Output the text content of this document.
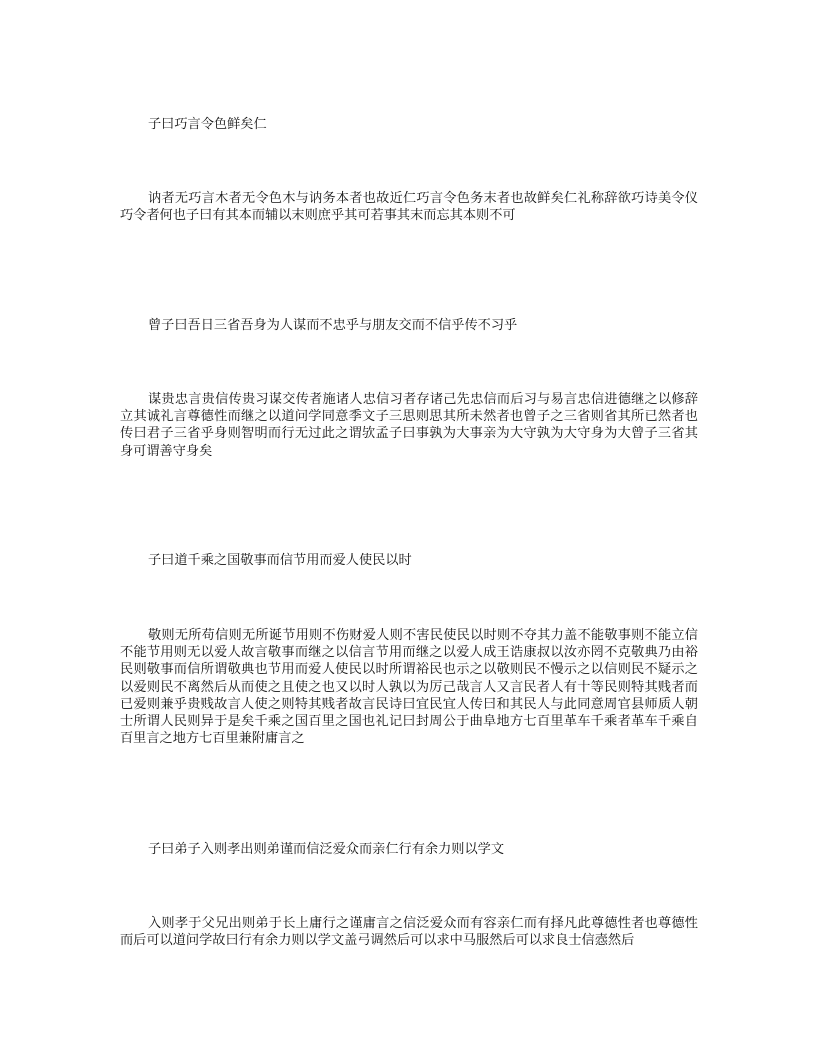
子曰巧言令色鲜矣仁

讷者无巧言木者无令色木与讷务本者也故近仁巧言令色务末者也故鲜矣仁礼称辞欲巧诗美令仪巧令者何也子曰有其本而辅以末则庶乎其可若事其末而忘其本则不可

曾子曰吾日三省吾身为人谋而不忠乎与朋友交而不信乎传不习乎

谋贵忠言贵信传贵习谋交传者施诸人忠信习者存诸己先忠信而后习与易言忠信进德继之以修辞立其诚礼言尊德性而继之以道问学同意季文子三思则思其所未然者也曾子之三省则省其所已然者也传曰君子三省乎身则智明而行无过此之谓欤孟子曰事孰为大事亲为大守孰为大守身为大曾子三省其身可谓善守身矣

子曰道千乘之国敬事而信节用而爱人使民以时

敬则无所苟信则无所诞节用则不伤财爱人则不害民使民以时则不夺其力盖不能敬事则不能立信不能节用则无以爱人故言敬事而继之以信言节用而继之以爱人成王诰康叔以汝亦罔不克敬典乃由裕民则敬事而信所谓敬典也节用而爱人使民以时所谓裕民也示之以敬则民不慢示之以信则民不疑示之以爱则民不离然后从而使之且使之也又以时人孰以为厉己哉言人又言民者人有十等民则特其贱者而已爱则兼乎贵贱故言人使之则特其贱者故言民诗曰宜民宜人传曰和其民人与此同意周官县师质人朝士所谓人民则异于是矣千乘之国百里之国也礼记曰封周公于曲阜地方七百里革车千乘者革车千乘自百里言之地方七百里兼附庸言之

子曰弟子入则孝出则弟谨而信泛爱众而亲仁行有余力则以学文

入则孝于父兄出则弟于长上庸行之谨庸言之信泛爱众而有容亲仁而有择凡此尊德性者也尊德性而后可以道问学故曰行有余力则以学文盖弓调然后可以求中马服然后可以求良士信悫然后
